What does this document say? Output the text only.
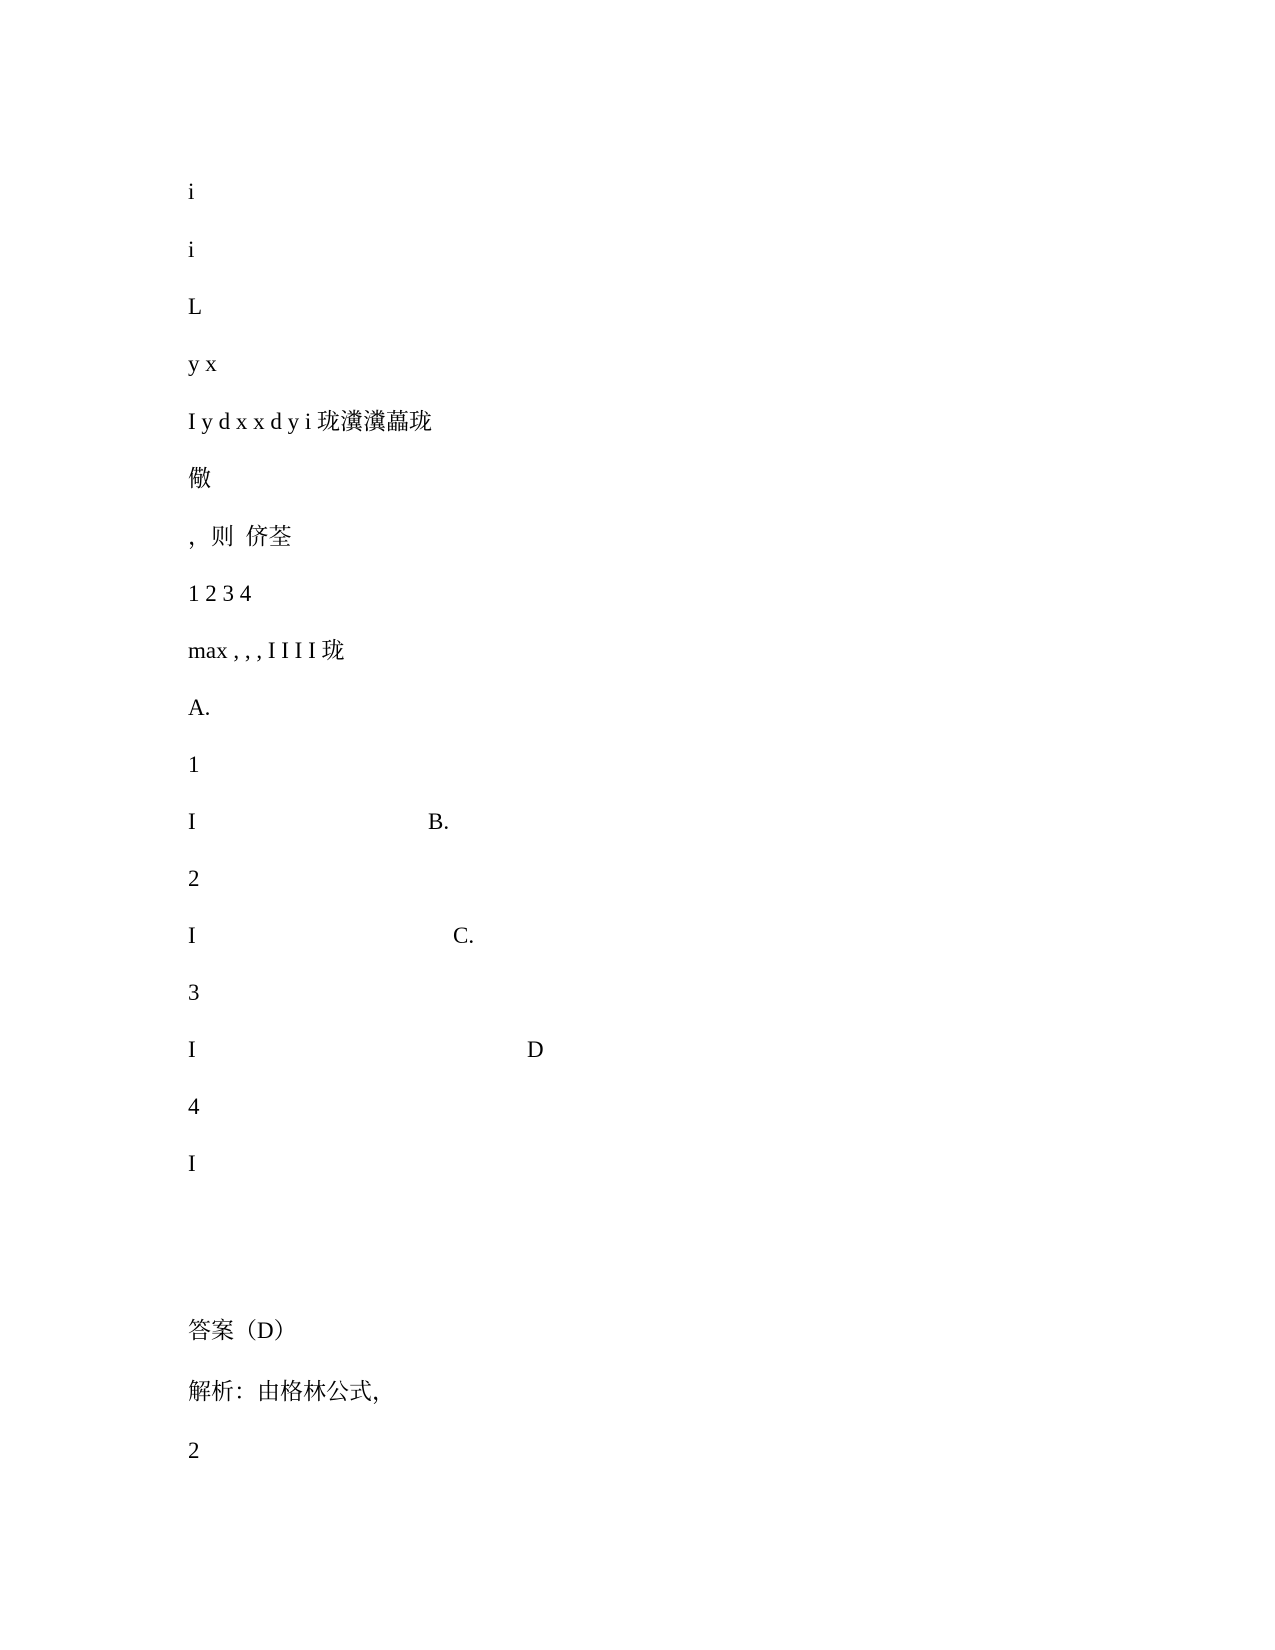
i
i
L
y x
I y d x x d y i 珑瀵瀵藟珑
儆
，则  侪荃
1 2 3 4
max , , , I I I I 珑
A.
1
I	B.
2
I	C.
3
I	D
4
I
答案（D）
解析：由格林公式，
2
